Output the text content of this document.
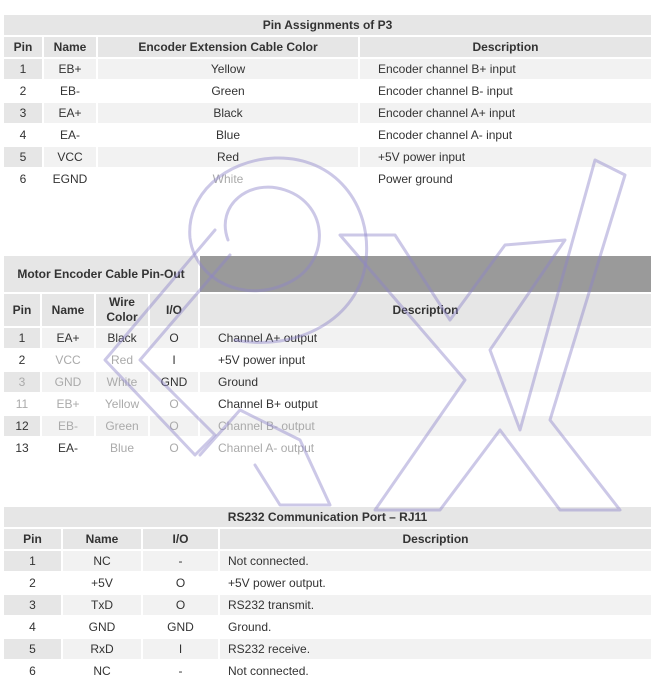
Pin Assignments of P3			
Pin	Name	Encoder Extension Cable Color	Description
1	EB+	Yellow	Encoder channel B+ input
2	EB-	Green	Encoder channel B- input
3	EA+	Black	Encoder channel A+ input
4	EA-	Blue	Encoder channel A- input
5	VCC	Red	+5V power input
6	EGND	White	Power ground
Motor Encoder Cable Pin-Out				
Pin	Name	Wire Color	I/O	Description
1	EA+	Black	O	Channel A+ output
2	VCC	Red	I	+5V power input
3	GND	White	GND	Ground
11	EB+	Yellow	O	Channel B+ output
12	EB-	Green	O	Channel B- output
13	EA-	Blue	O	Channel A- output
RS232 Communication Port – RJ11			
Pin	Name	I/O	Description
1	NC	-	Not connected.
2	+5V	O	+5V power output.
3	TxD	O	RS232 transmit.
4	GND	GND	Ground.
5	RxD	I	RS232 receive.
6	NC	-	Not connected.
